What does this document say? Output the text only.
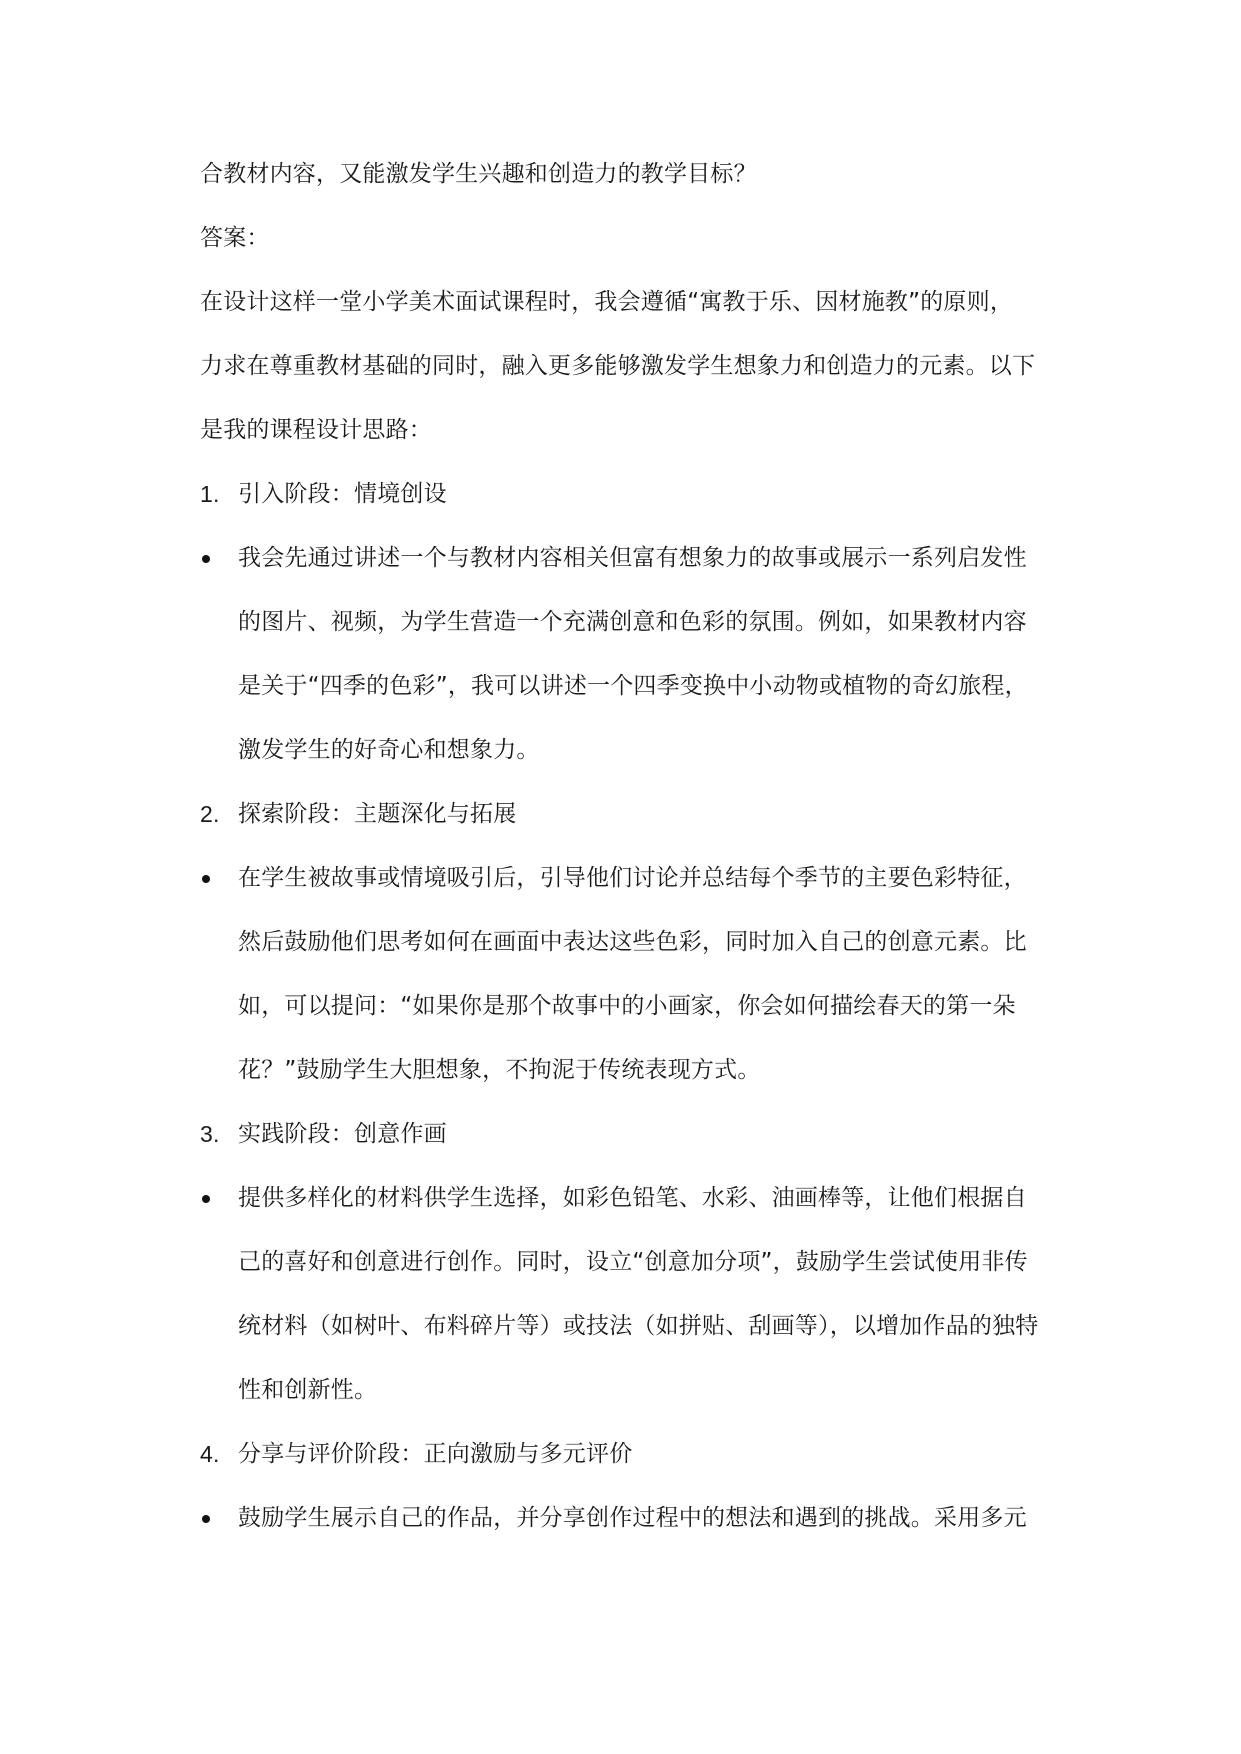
合教材内容，又能激发学生兴趣和创造力的教学目标？

答案：

在设计这样一堂小学美术面试课程时，我会遵循“寓教于乐、因材施教”的原则，

力求在尊重教材基础的同时，融入更多能够激发学生想象力和创造力的元素。以下

是我的课程设计思路：

1. 引入阶段：情境创设
我会先通过讲述一个与教材内容相关但富有想象力的故事或展示一系列启发性
的图片、视频，为学生营造一个充满创意和色彩的氛围。例如，如果教材内容
是关于“四季的色彩”，我可以讲述一个四季变换中小动物或植物的奇幻旅程，
激发学生的好奇心和想象力。
2. 探索阶段：主题深化与拓展
在学生被故事或情境吸引后，引导他们讨论并总结每个季节的主要色彩特征，
然后鼓励他们思考如何在画面中表达这些色彩，同时加入自己的创意元素。比
如，可以提问：“如果你是那个故事中的小画家，你会如何描绘春天的第一朵
花？”鼓励学生大胆想象，不拘泥于传统表现方式。
3. 实践阶段：创意作画
提供多样化的材料供学生选择，如彩色铅笔、水彩、油画棒等，让他们根据自
己的喜好和创意进行创作。同时，设立“创意加分项”，鼓励学生尝试使用非传
统材料（如树叶、布料碎片等）或技法（如拼贴、刮画等），以增加作品的独特
性和创新性。
4. 分享与评价阶段：正向激励与多元评价
鼓励学生展示自己的作品，并分享创作过程中的想法和遇到的挑战。采用多元
